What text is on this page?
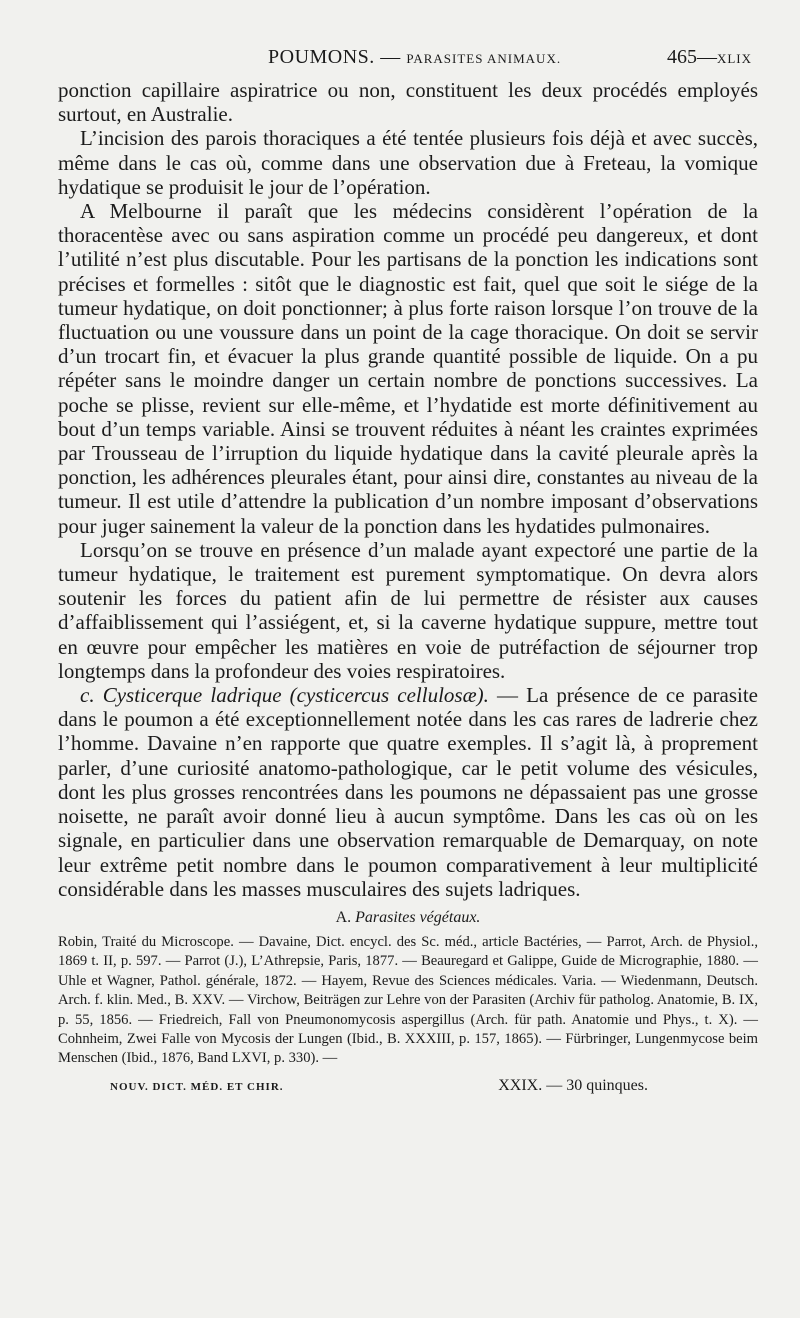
POUMONS. — PARASITES ANIMAUX.	465—XLIX

ponction capillaire aspiratrice ou non, constituent les deux procédés employés surtout, en Australie.

L’incision des parois thoraciques a été tentée plusieurs fois déjà et avec succès, même dans le cas où, comme dans une observation due à Freteau, la vomique hydatique se produisit le jour de l’opération.

A Melbourne il paraît que les médecins considèrent l’opération de la thoracentèse avec ou sans aspiration comme un procédé peu dangereux, et dont l’utilité n’est plus discutable. Pour les partisans de la ponction les indications sont précises et formelles : sitôt que le diagnostic est fait, quel que soit le siége de la tumeur hydatique, on doit ponctionner; à plus forte raison lorsque l’on trouve de la fluctuation ou une voussure dans un point de la cage thoracique. On doit se servir d’un trocart fin, et évacuer la plus grande quantité possible de liquide. On a pu répéter sans le moindre danger un certain nombre de ponctions successives. La poche se plisse, revient sur elle-même, et l’hydatide est morte définitivement au bout d’un temps variable. Ainsi se trouvent réduites à néant les craintes exprimées par Trousseau de l’irruption du liquide hydatique dans la cavité pleurale après la ponction, les adhérences pleurales étant, pour ainsi dire, constantes au niveau de la tumeur. Il est utile d’attendre la publication d’un nombre imposant d’observations pour juger sainement la valeur de la ponction dans les hydatides pulmonaires.

Lorsqu’on se trouve en présence d’un malade ayant expectoré une partie de la tumeur hydatique, le traitement est purement symptomatique. On devra alors soutenir les forces du patient afin de lui permettre de résister aux causes d’affaiblissement qui l’assiégent, et, si la caverne hydatique suppure, mettre tout en œuvre pour empêcher les matières en voie de putréfaction de séjourner trop longtemps dans la profondeur des voies respiratoires.

c. Cysticerque ladrique (cysticercus cellulosæ). — La présence de ce parasite dans le poumon a été exceptionnellement notée dans les cas rares de ladrerie chez l’homme. Davaine n’en rapporte que quatre exemples. Il s’agit là, à proprement parler, d’une curiosité anatomo-pathologique, car le petit volume des vésicules, dont les plus grosses rencontrées dans les poumons ne dépassaient pas une grosse noisette, ne paraît avoir donné lieu à aucun symptôme. Dans les cas où on les signale, en particulier dans une observation remarquable de Demarquay, on note leur extrême petit nombre dans le poumon comparativement à leur multiplicité considérable dans les masses musculaires des sujets ladriques.

A. Parasites végétaux.

Robin, Traité du Microscope. — Davaine, Dict. encycl. des Sc. méd., article Bactéries, — Parrot, Arch. de Physiol., 1869 t. II, p. 597. — Parrot (J.), L’Athrepsie, Paris, 1877. — Beauregard et Galippe, Guide de Micrographie, 1880. — Uhle et Wagner, Pathol. générale, 1872. — Hayem, Revue des Sciences médicales. Varia. — Wiedenmann, Deutsch. Arch. f. klin. Med., B. XXV. — Virchow, Beiträgen zur Lehre von der Parasiten (Archiv für patholog. Anatomie, B. IX, p. 55, 1856. — Friedreich, Fall von Pneumonomycosis aspergillus (Arch. für path. Anatomie und Phys., t. X). — Cohnheim, Zwei Falle von Mycosis der Lungen (Ibid., B. XXXIII, p. 157, 1865). — Fürbringer, Lungenmycose beim Menschen (Ibid., 1876, Band LXVI, p. 330). —

NOUV. DICT. MÉD. ET CHIR.	XXIX. — 30 quinques.
